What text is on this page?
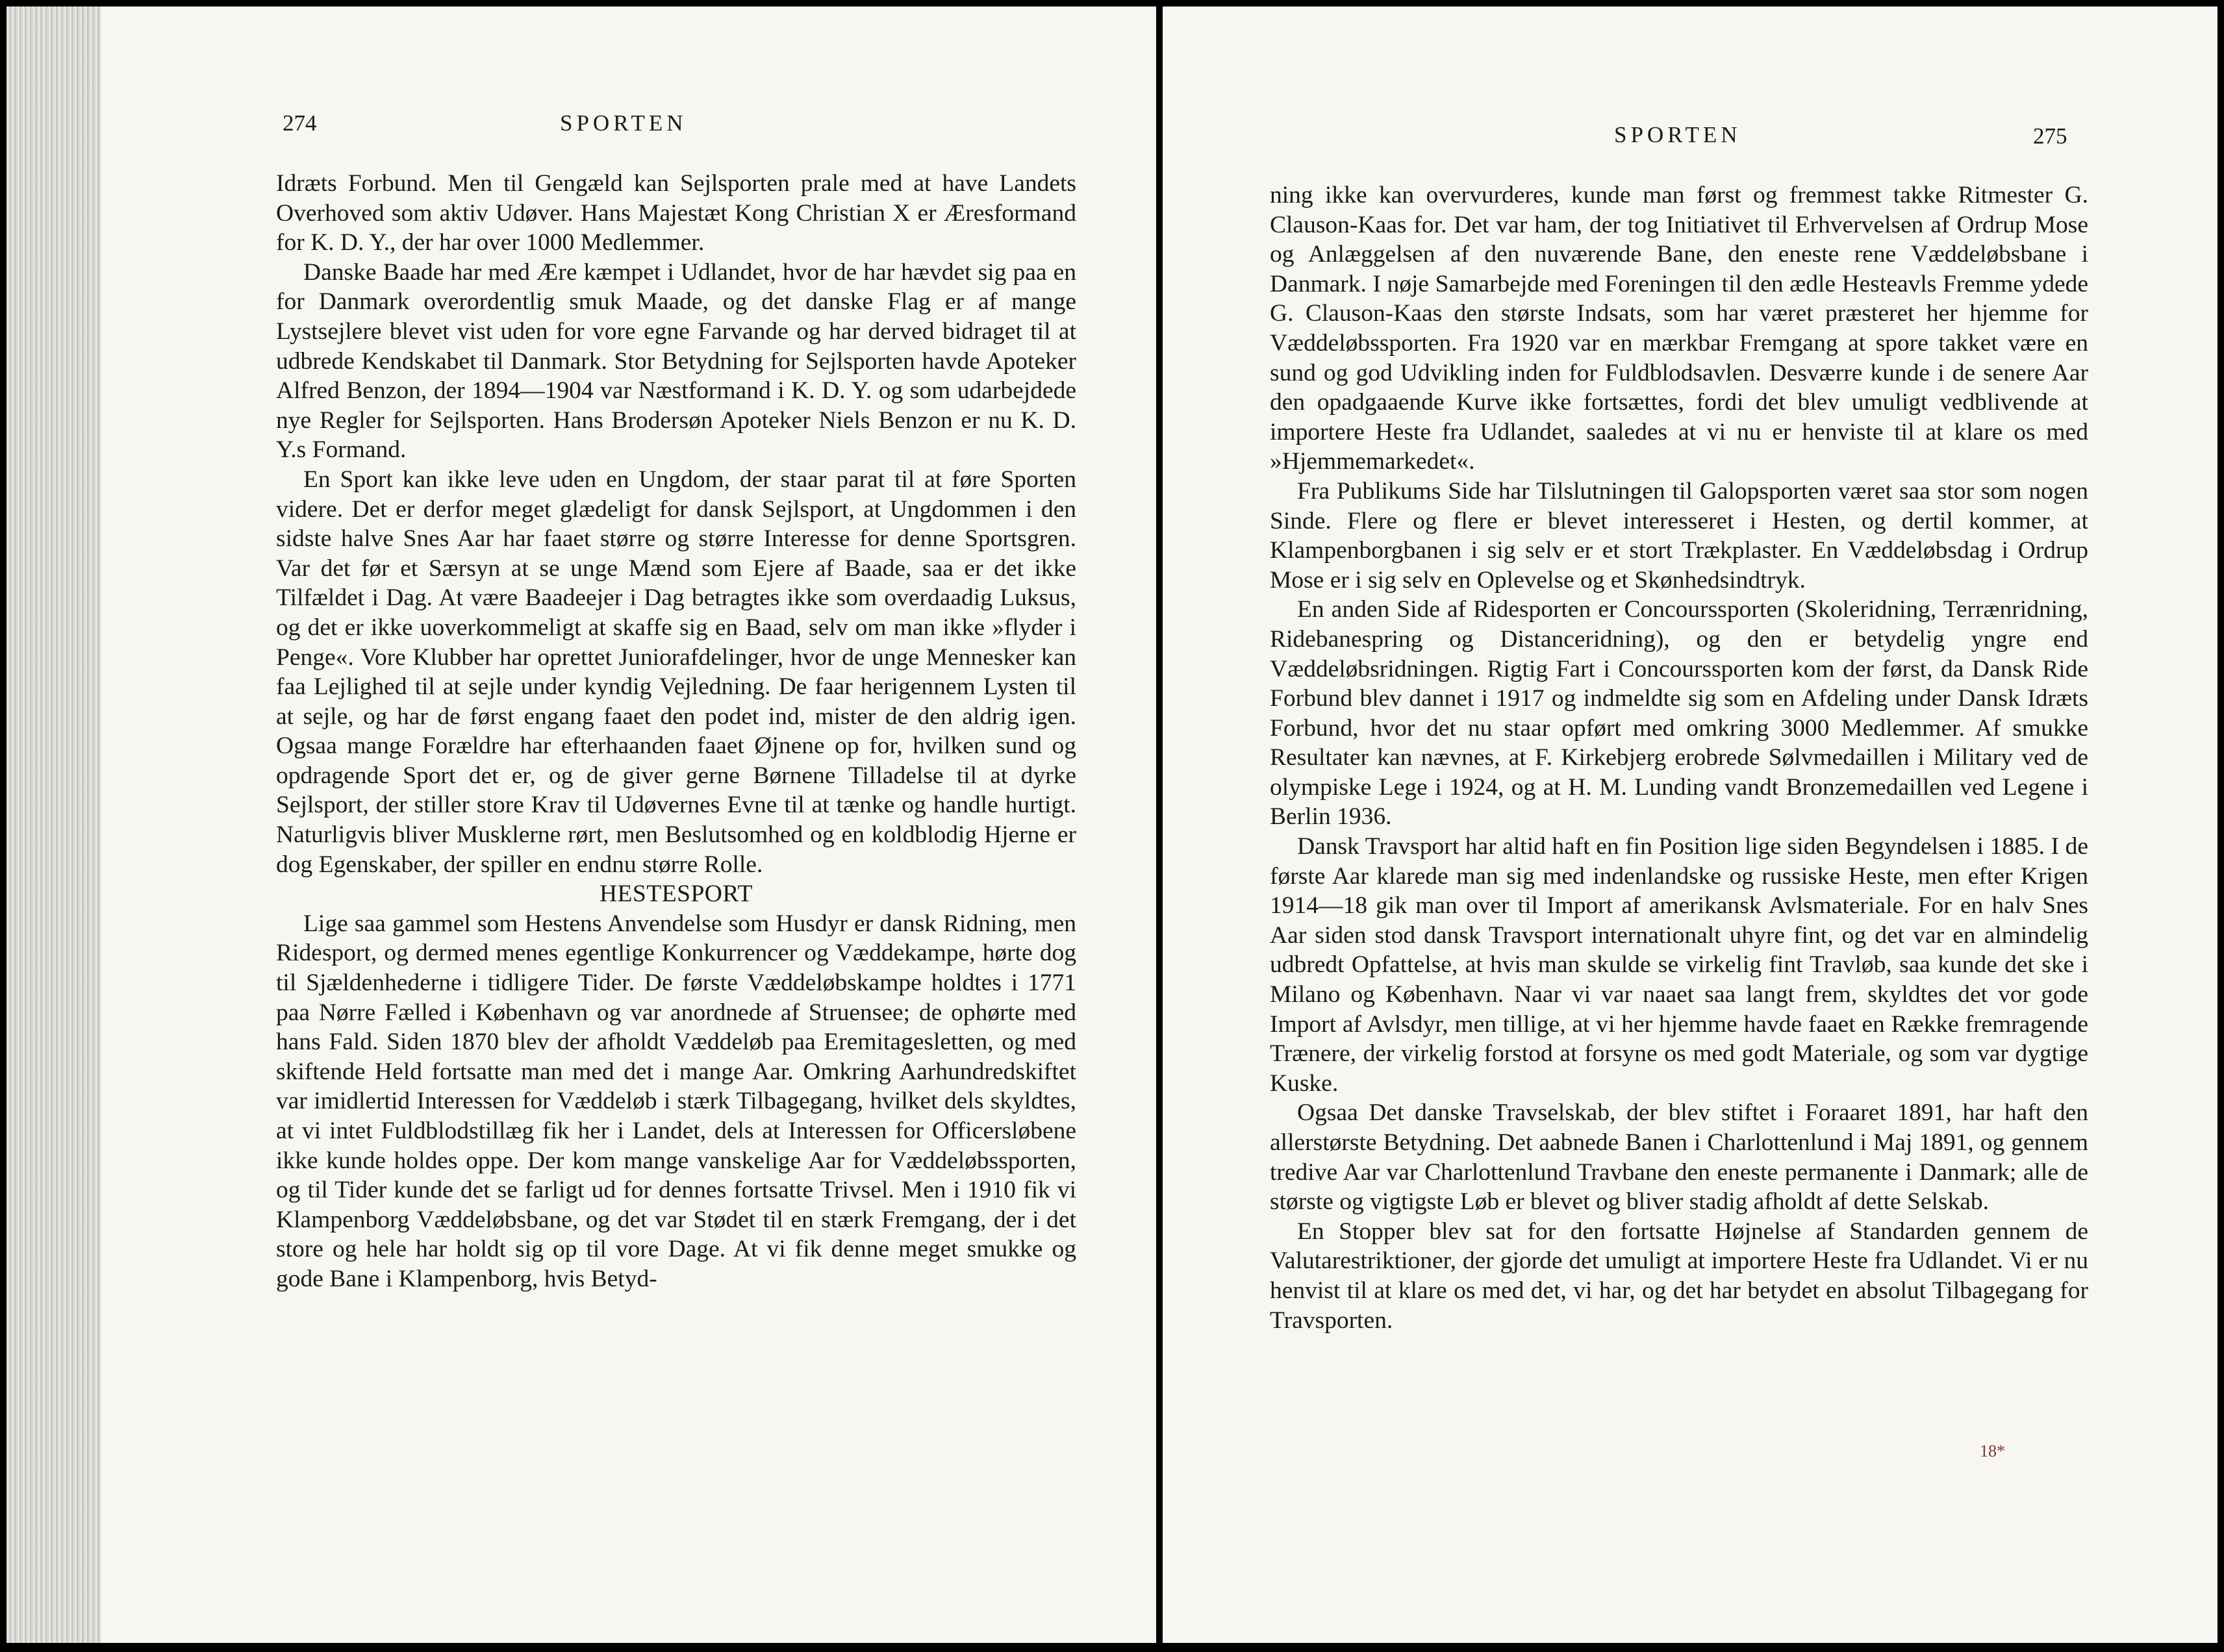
274	SPORTEN

Idræts Forbund. Men til Gengæld kan Sejlsporten prale med at have Landets Overhoved som aktiv Udøver. Hans Majestæt Kong Christian X er Æresformand for K. D. Y., der har over 1000 Medlemmer.

Danske Baade har med Ære kæmpet i Udlandet, hvor de har hævdet sig paa en for Danmark overordentlig smuk Maade, og det danske Flag er af mange Lystsejlere blevet vist uden for vore egne Farvande og har derved bidraget til at udbrede Kendskabet til Danmark. Stor Betydning for Sejlsporten havde Apoteker Alfred Benzon, der 1894—1904 var Næstformand i K. D. Y. og som udarbejdede nye Regler for Sejlsporten. Hans Brodersøn Apoteker Niels Benzon er nu K. D. Y.s Formand.

En Sport kan ikke leve uden en Ungdom, der staar parat til at føre Sporten videre. Det er derfor meget glædeligt for dansk Sejlsport, at Ungdommen i den sidste halve Snes Aar har faaet større og større Interesse for denne Sportsgren. Var det før et Særsyn at se unge Mænd som Ejere af Baade, saa er det ikke Tilfældet i Dag. At være Baadeejer i Dag betragtes ikke som overdaadig Luksus, og det er ikke uoverkommeligt at skaffe sig en Baad, selv om man ikke »flyder i Penge«. Vore Klubber har oprettet Juniorafdelinger, hvor de unge Mennesker kan faa Lejlighed til at sejle under kyndig Vejledning. De faar herigennem Lysten til at sejle, og har de først engang faaet den podet ind, mister de den aldrig igen. Ogsaa mange Forældre har efterhaanden faaet Øjnene op for, hvilken sund og opdragende Sport det er, og de giver gerne Børnene Tilladelse til at dyrke Sejlsport, der stiller store Krav til Udøvernes Evne til at tænke og handle hurtigt. Naturligvis bliver Musklerne rørt, men Beslutsomhed og en koldblodig Hjerne er dog Egenskaber, der spiller en endnu større Rolle.

HESTESPORT

Lige saa gammel som Hestens Anvendelse som Husdyr er dansk Ridning, men Ridesport, og dermed menes egentlige Konkurrencer og Væddekampe, hørte dog til Sjældenhederne i tidligere Tider. De første Væddeløbskampe holdtes i 1771 paa Nørre Fælled i København og var anordnede af Struensee; de ophørte med hans Fald. Siden 1870 blev der afholdt Væddeløb paa Eremitagesletten, og med skiftende Held fortsatte man med det i mange Aar. Omkring Aarhundredskiftet var imidlertid Interessen for Væddeløb i stærk Tilbagegang, hvilket dels skyldtes, at vi intet Fuldblodstillæg fik her i Landet, dels at Interessen for Officersløbene ikke kunde holdes oppe. Der kom mange vanskelige Aar for Væddeløbssporten, og til Tider kunde det se farligt ud for dennes fortsatte Trivsel. Men i 1910 fik vi Klampenborg Væddeløbsbane, og det var Stødet til en stærk Fremgang, der i det store og hele har holdt sig op til vore Dage. At vi fik denne meget smukke og gode Bane i Klampenborg, hvis Betyd-

SPORTEN	275

ning ikke kan overvurderes, kunde man først og fremmest takke Ritmester G. Clauson-Kaas for. Det var ham, der tog Initiativet til Erhvervelsen af Ordrup Mose og Anlæggelsen af den nuværende Bane, den eneste rene Væddeløbsbane i Danmark. I nøje Samarbejde med Foreningen til den ædle Hesteavls Fremme ydede G. Clauson-Kaas den største Indsats, som har været præsteret her hjemme for Væddeløbssporten. Fra 1920 var en mærkbar Fremgang at spore takket være en sund og god Udvikling inden for Fuldblodsavlen. Desværre kunde i de senere Aar den opadgaaende Kurve ikke fortsættes, fordi det blev umuligt vedblivende at importere Heste fra Udlandet, saaledes at vi nu er henviste til at klare os med »Hjemmemarkedet«.

Fra Publikums Side har Tilslutningen til Galopsporten været saa stor som nogen Sinde. Flere og flere er blevet interesseret i Hesten, og dertil kommer, at Klampenborgbanen i sig selv er et stort Trækplaster. En Væddeløbsdag i Ordrup Mose er i sig selv en Oplevelse og et Skønhedsindtryk.

En anden Side af Ridesporten er Concourssporten (Skoleridning, Terrænridning, Ridebanespring og Distanceridning), og den er betydelig yngre end Væddeløbsridningen. Rigtig Fart i Concourssporten kom der først, da Dansk Ride Forbund blev dannet i 1917 og indmeldte sig som en Afdeling under Dansk Idræts Forbund, hvor det nu staar opført med omkring 3000 Medlemmer. Af smukke Resultater kan nævnes, at F. Kirkebjerg erobrede Sølvmedaillen i Military ved de olympiske Lege i 1924, og at H. M. Lunding vandt Bronzemedaillen ved Legene i Berlin 1936.

Dansk Travsport har altid haft en fin Position lige siden Begyndelsen i 1885. I de første Aar klarede man sig med indenlandske og russiske Heste, men efter Krigen 1914—18 gik man over til Import af amerikansk Avlsmateriale. For en halv Snes Aar siden stod dansk Travsport internationalt uhyre fint, og det var en almindelig udbredt Opfattelse, at hvis man skulde se virkelig fint Travløb, saa kunde det ske i Milano og København. Naar vi var naaet saa langt frem, skyldtes det vor gode Import af Avlsdyr, men tillige, at vi her hjemme havde faaet en Række fremragende Trænere, der virkelig forstod at forsyne os med godt Materiale, og som var dygtige Kuske.

Ogsaa Det danske Travselskab, der blev stiftet i Foraaret 1891, har haft den allerstørste Betydning. Det aabnede Banen i Charlottenlund i Maj 1891, og gennem tredive Aar var Charlottenlund Travbane den eneste permanente i Danmark; alle de største og vigtigste Løb er blevet og bliver stadig afholdt af dette Selskab.

En Stopper blev sat for den fortsatte Højnelse af Standarden gennem de Valutarestriktioner, der gjorde det umuligt at importere Heste fra Udlandet. Vi er nu henvist til at klare os med det, vi har, og det har betydet en absolut Tilbagegang for Travsporten.

18*
